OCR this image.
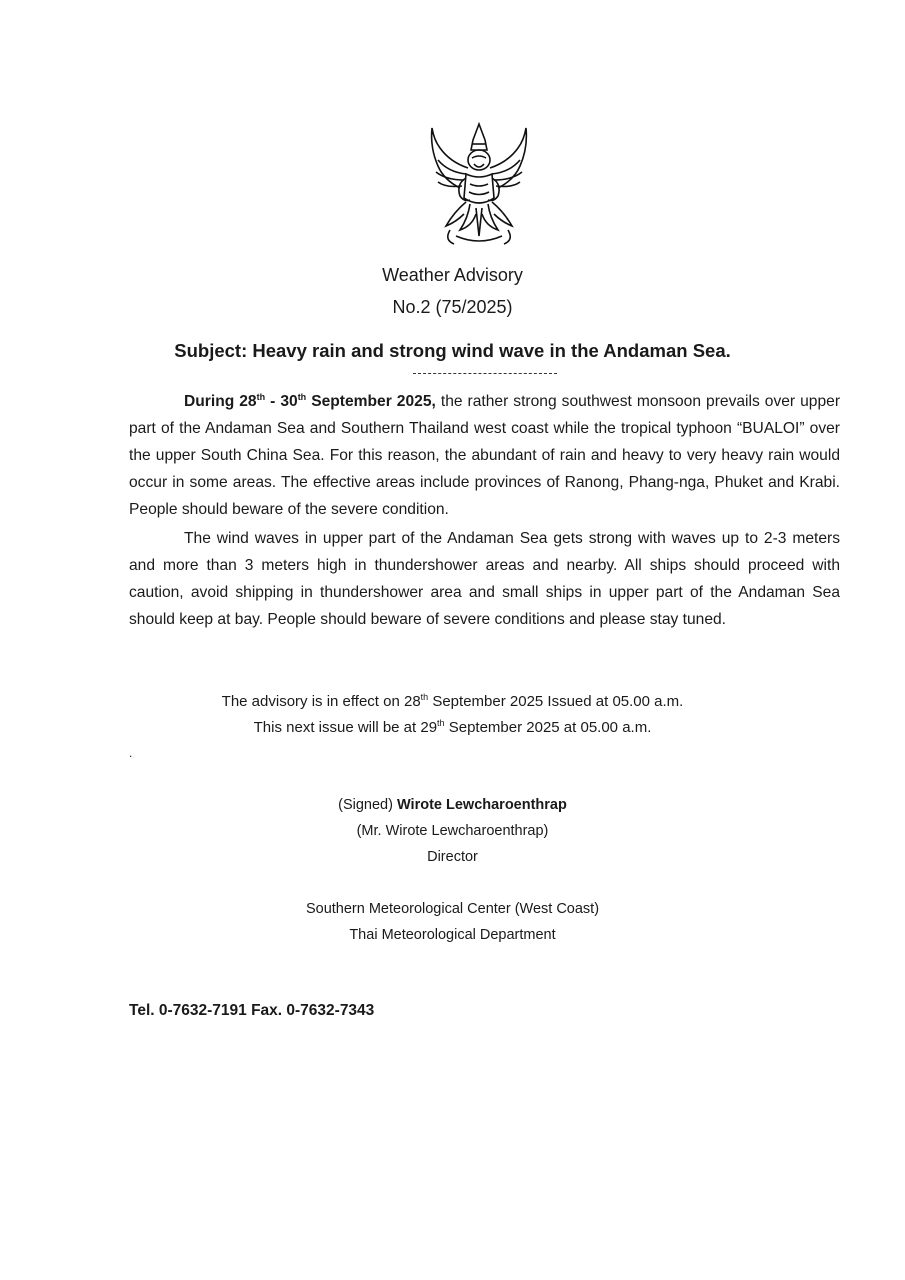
Weather Advisory
No.2 (75/2025)
Subject: Heavy rain and strong wind wave in the Andaman Sea.

During 28th - 30th September 2025, the rather strong southwest monsoon prevails over upper part of the Andaman Sea and Southern Thailand west coast while the tropical typhoon “BUALOI” over the upper South China Sea. For this reason, the abundant of rain and heavy to very heavy rain would occur in some areas. The effective areas include provinces of Ranong, Phang-nga, Phuket and Krabi. People should beware of the severe condition.

The wind waves in upper part of the Andaman Sea gets strong with waves up to 2-3 meters and more than 3 meters high in thundershower areas and nearby. All ships should proceed with caution, avoid shipping in thundershower area and small ships in upper part of the Andaman Sea should keep at bay. People should beware of severe conditions and please stay tuned.

The advisory is in effect on 28th September 2025 Issued at 05.00 a.m.
This next issue will be at 29th September 2025 at 05.00 a.m.
.
(Signed) Wirote Lewcharoenthrap
(Mr. Wirote Lewcharoenthrap)
Director
Southern Meteorological Center (West Coast)
Thai Meteorological Department
Tel. 0-7632-7191 Fax. 0-7632-7343
